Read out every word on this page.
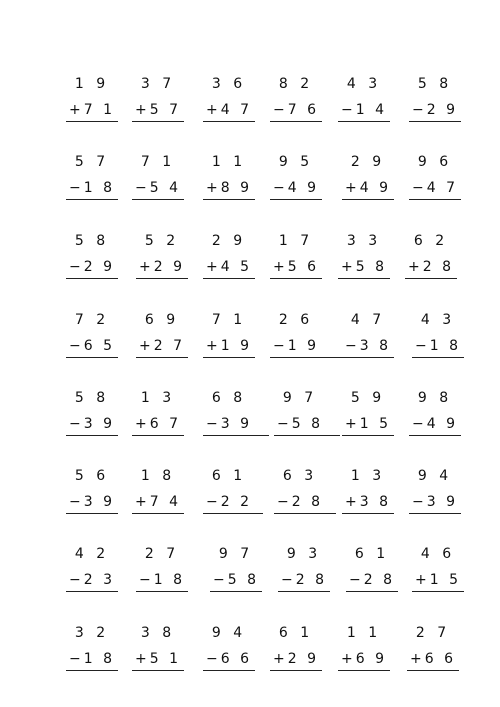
1 9
+7 1
3 7
+5 7
3 6
+4 7
8 2
−7 6
4 3
−1 4
5 8
−2 9
5 7
−1 8
7 1
−5 4
1 1
+8 9
9 5
−4 9
2 9
+4 9
9 6
−4 7
5 8
−2 9
5 2
+2 9
2 9
+4 5
1 7
+5 6
3 3
+5 8
6 2
+2 8
7 2
−6 5
6 9
+2 7
7 1
+1 9
2 6
−1 9
4 7
−3 8
4 3
−1 8
5 8
−3 9
1 3
+6 7
6 8
−3 9
9 7
−5 8
5 9
+1 5
9 8
−4 9
5 6
−3 9
1 8
+7 4
6 1
−2 2
6 3
−2 8
1 3
+3 8
9 4
−3 9
4 2
−2 3
2 7
−1 8
9 7
−5 8
9 3
−2 8
6 1
−2 8
4 6
+1 5
3 2
−1 8
3 8
+5 1
9 4
−6 6
6 1
+2 9
1 1
+6 9
2 7
+6 6
